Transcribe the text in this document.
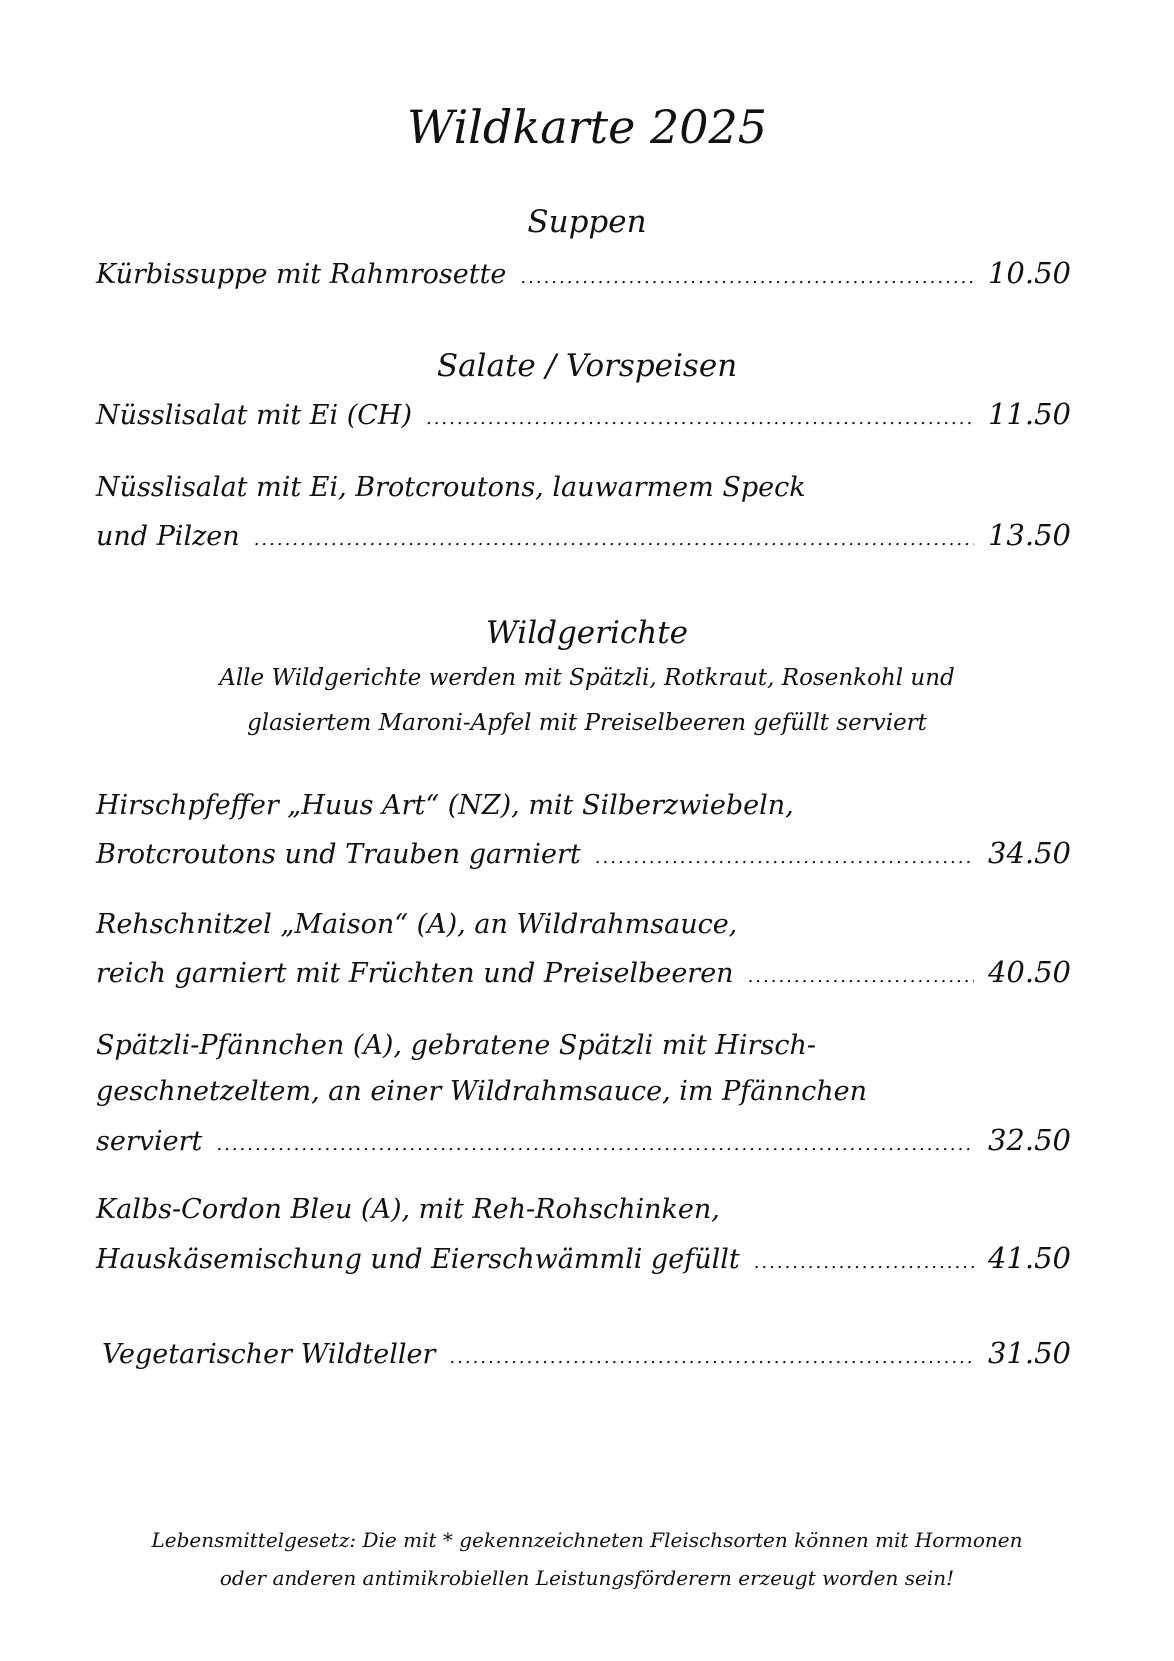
Wildkarte 2025
Suppen
Kürbissuppe mit Rahmrosette .....	10.50
Salate / Vorspeisen
Nüsslisalat mit Ei (CH) .....	11.50
Nüsslisalat mit Ei, Brotcroutons, lauwarmem Speck
und Pilzen .....	13.50
Wildgerichte
Alle Wildgerichte werden mit Spätzli, Rotkraut, Rosenkohl und
glasiertem Maroni-Apfel mit Preiselbeeren gefüllt serviert
Hirschpfeffer „Huus Art“ (NZ), mit Silberzwiebeln,
Brotcroutons und Trauben garniert .....	34.50
Rehschnitzel „Maison“ (A), an Wildrahmsauce,
reich garniert mit Früchten und Preiselbeeren .....	40.50
Spätzli-Pfännchen (A), gebratene Spätzli mit Hirsch-
geschnetzeltem, an einer Wildrahmsauce, im Pfännchen
serviert .....	32.50
Kalbs-Cordon Bleu (A), mit Reh-Rohschinken,
Hauskäsemischung und Eierschwämmli gefüllt .....	41.50
Vegetarischer Wildteller .....	31.50
Lebensmittelgesetz: Die mit * gekennzeichneten Fleischsorten können mit Hormonen
oder anderen antimikrobiellen Leistungsförderern erzeugt worden sein!
